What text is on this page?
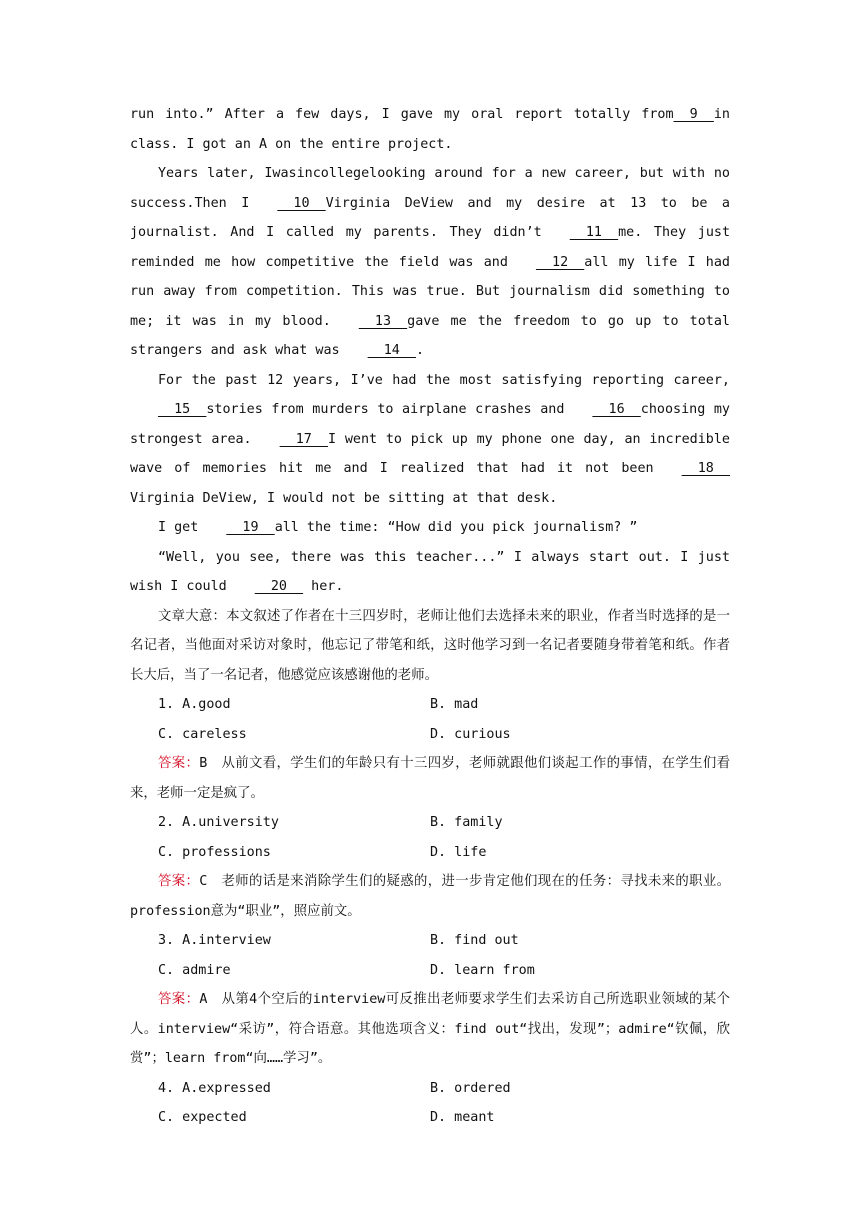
run into.” After a few days, I gave my oral report totally from  9  in class. I got an A on the entire project.

Years later, Iwasincollegelooking around for a new career, but with no success.Then I  10  Virginia DeView and my desire at 13 to be a journalist. And I called my parents. They didn’t  11  me. They just reminded me how competitive the field was and  12  all my life I had run away from competition. This was true. But journalism did something to me; it was in my blood.  13  gave me the freedom to go up to total strangers and ask what was  14  .

For the past 12 years, I’ve had the most satisfying reporting career,  15  stories from murders to airplane crashes and  16  choosing my strongest area.  17  I went to pick up my phone one day, an incredible wave of memories hit me and I realized that had it not been  18  Virginia DeView, I would not be sitting at that desk.

I get  19  all the time: “How did you pick journalism? ”

“Well, you see, there was this teacher...” I always start out. I just wish I could  20   her.

文章大意：本文叙述了作者在十三四岁时，老师让他们去选择未来的职业，作者当时选择的是一名记者，当他面对采访对象时，他忘记了带笔和纸，这时他学习到一名记者要随身带着笔和纸。作者长大后，当了一名记者，他感觉应该感谢他的老师。

1. A.good	B. mad
C. careless	D. curious

答案：B　从前文看，学生们的年龄只有十三四岁，老师就跟他们谈起工作的事情，在学生们看来，老师一定是疯了。

2. A.university	B. family
C. professions	D. life

答案：C　老师的话是来消除学生们的疑惑的，进一步肯定他们现在的任务：寻找未来的职业。profession意为“职业”，照应前文。

3. A.interview	B. find out
C. admire	D. learn from

答案：A　从第4个空后的interview可反推出老师要求学生们去采访自己所选职业领域的某个人。interview“采访”，符合语意。其他选项含义：find out“找出，发现”；admire“钦佩，欣赏”；learn from“向……学习”。

4. A.expressed	B. ordered
C. expected	D. meant
